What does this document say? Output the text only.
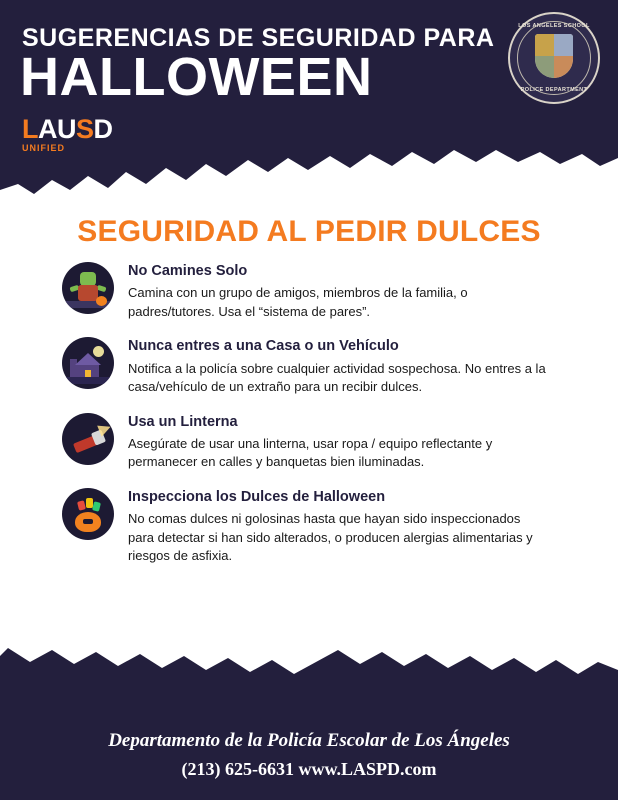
SUGERENCIAS DE SEGURIDAD PARA
HALLOWEEN
LAUSD
UNIFIED
LOS ANGELES SCHOOL
POLICE DEPARTMENT
SEGURIDAD AL PEDIR DULCES

No Camines Solo

Camina con un grupo de amigos, miembros de la familia, o padres/tutores. Usa el “sistema de pares”.

Nunca entres a una Casa o un Vehículo

Notifica a la policía sobre cualquier actividad sospechosa. No entres a la casa/vehículo de un extraño para un recibir dulces.

Usa un Linterna

Asegúrate de usar una linterna, usar ropa / equipo reflectante y permanecer en calles y banquetas bien iluminadas.

Inspecciona los Dulces de Halloween

No comas dulces ni golosinas hasta que hayan sido inspeccionados para detectar si han sido alterados, o producen alergias alimentarias y riesgos de asfixia.

Departamento de la Policía Escolar de Los Ángeles
(213) 625-6631 www.LASPD.com
